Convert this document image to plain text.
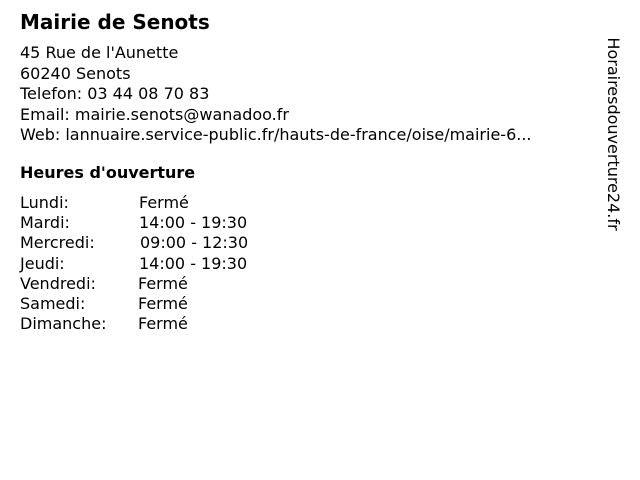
Mairie de Senots
45 Rue de l'Aunette
60240 Senots
Telefon: 03 44 08 70 83
Email: mairie.senots@wanadoo.fr
Web: lannuaire.service-public.fr/hauts-de-france/oise/mairie-6...
Heures d'ouverture
Lundi:	Fermé
Mardi:	14:00 - 19:30
Mercredi:	09:00 - 12:30
Jeudi:	14:00 - 19:30
Vendredi:	Fermé
Samedi:	Fermé
Dimanche: Fermé
Horairesdouverture24.fr
